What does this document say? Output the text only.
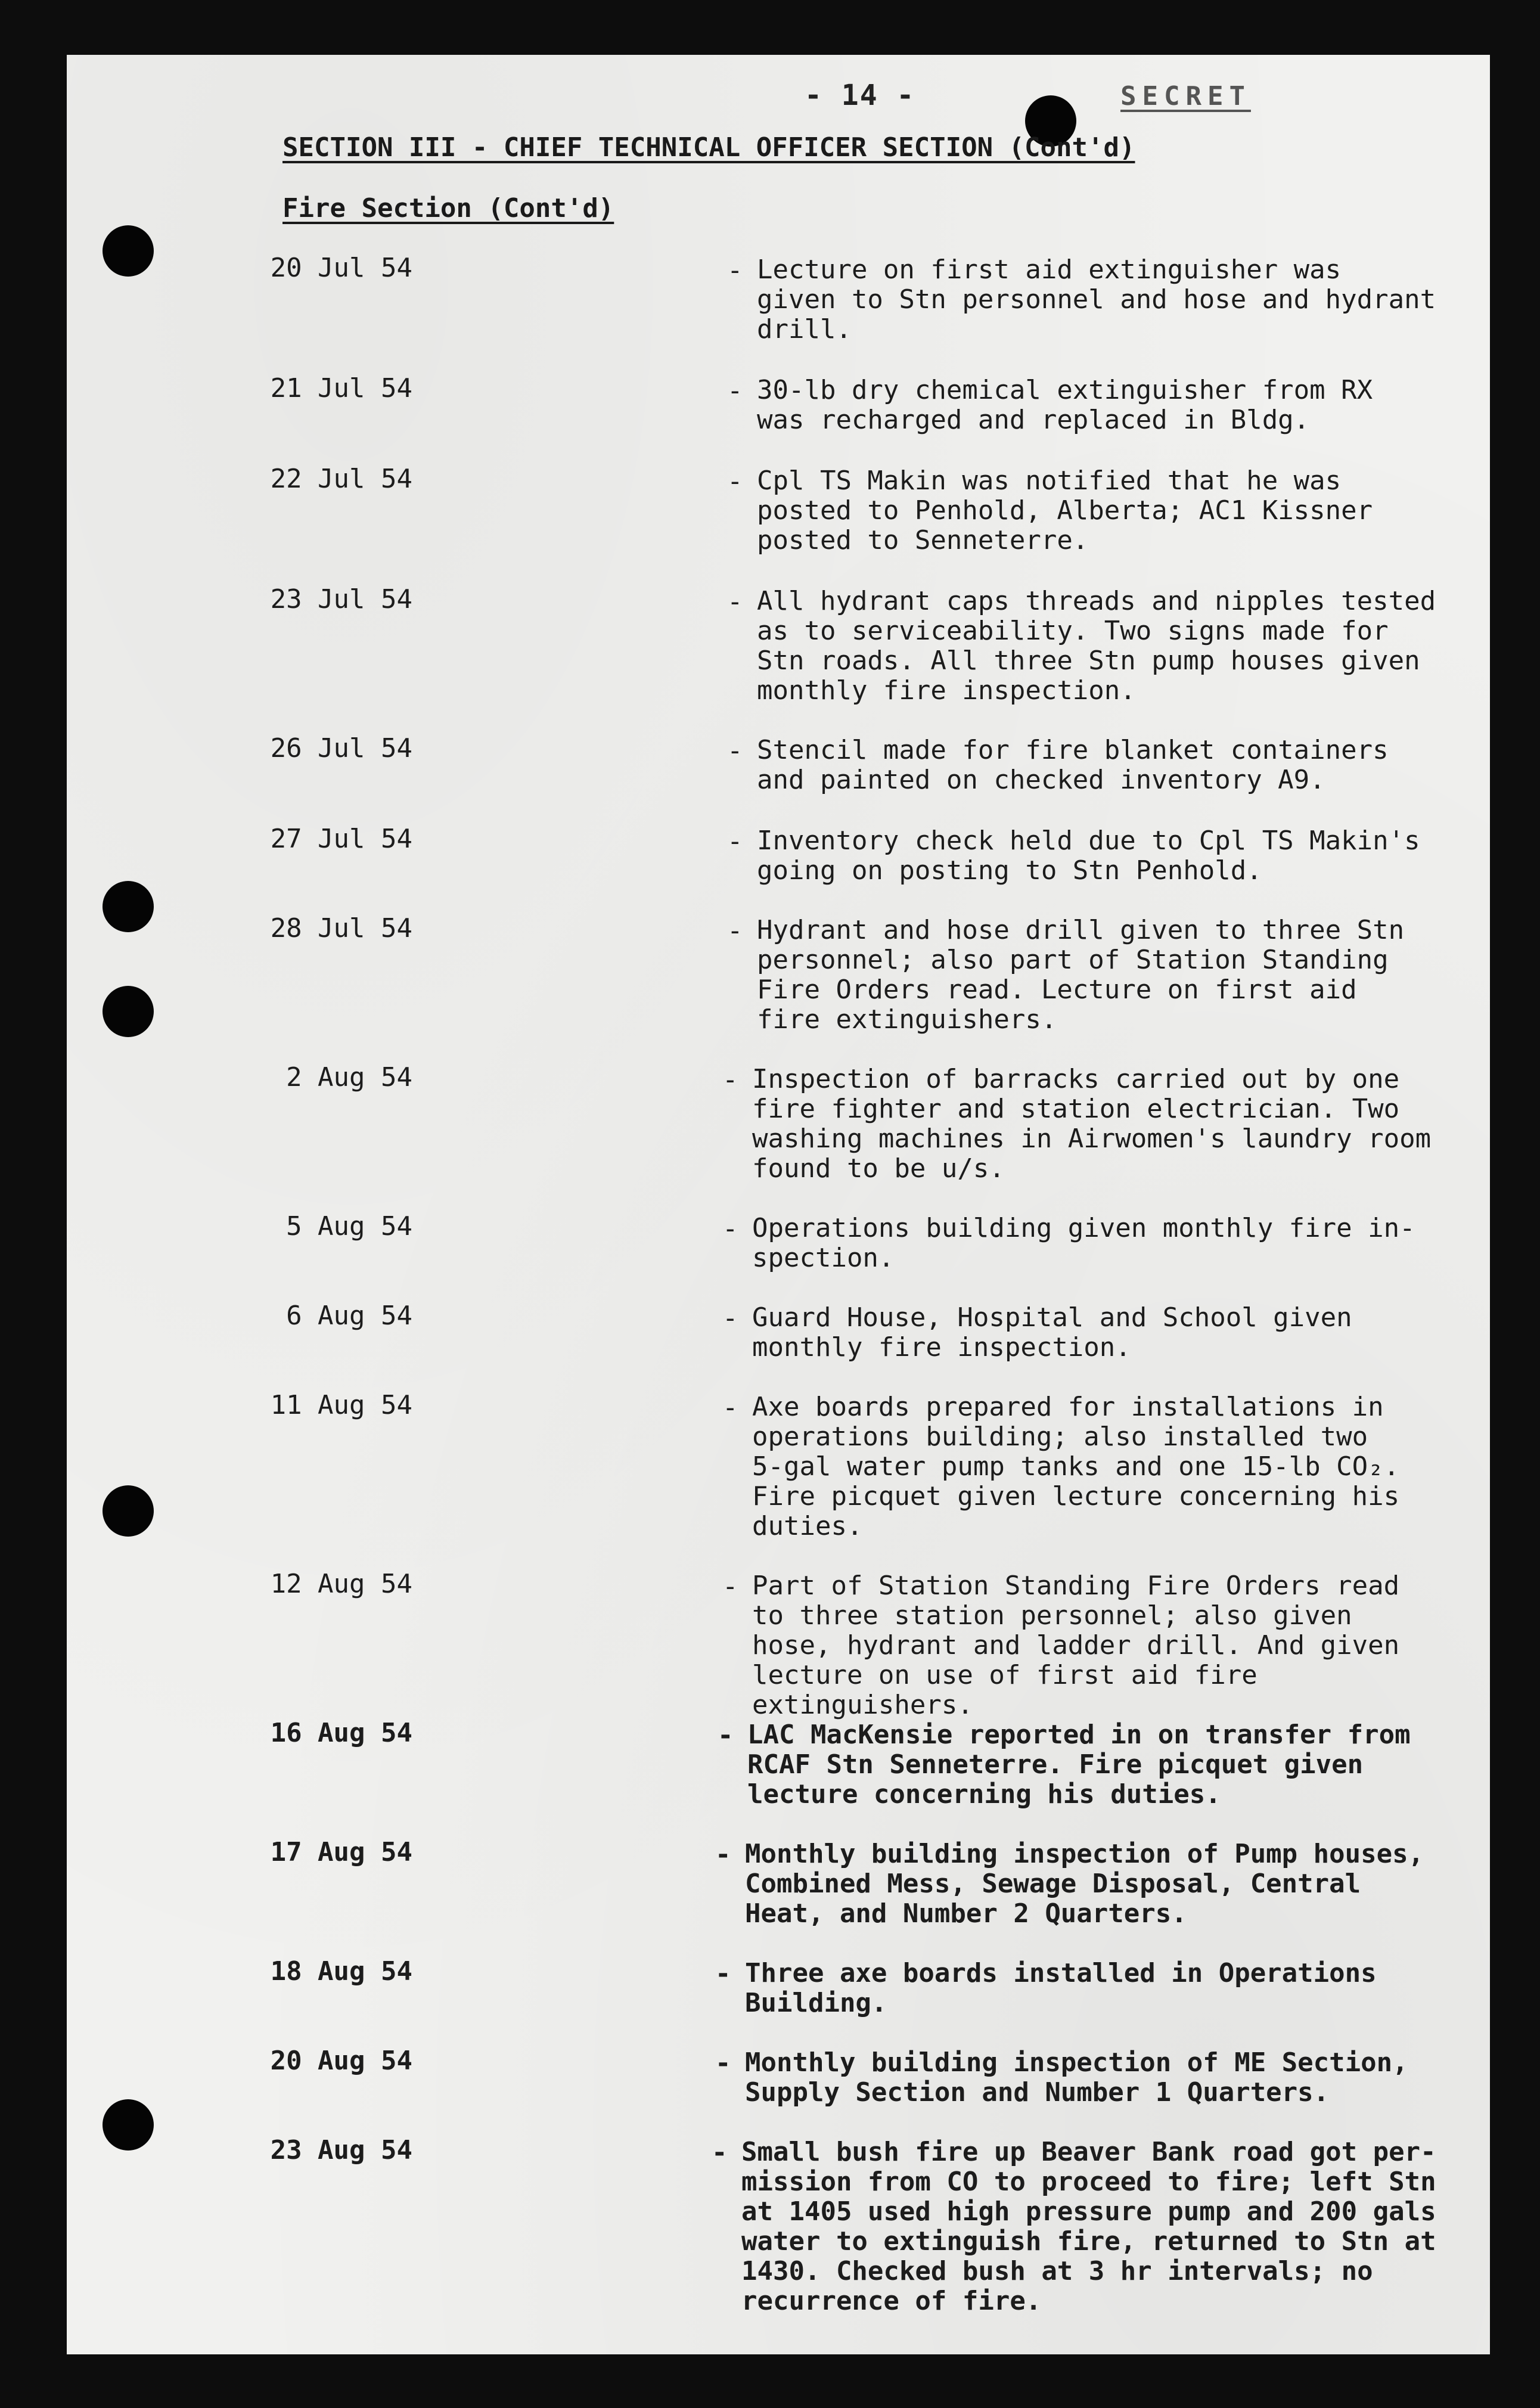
- 14 -	SECRET
SECTION III - CHIEF TECHNICAL OFFICER SECTION (Cont'd)
Fire Section (Cont'd)
20 Jul 54	- Lecture on first aid extinguisher was
given to Stn personnel and hose and hydrant
drill.
21 Jul 54	- 30-lb dry chemical extinguisher from RX
was recharged and replaced in Bldg.
22 Jul 54	- Cpl TS Makin was notified that he was
posted to Penhold, Alberta; AC1 Kissner
posted to Senneterre.
23 Jul 54	- All hydrant caps threads and nipples tested
as to serviceability. Two signs made for
Stn roads. All three Stn pump houses given
monthly fire inspection.
26 Jul 54	- Stencil made for fire blanket containers
and painted on checked inventory A9.
27 Jul 54	- Inventory check held due to Cpl TS Makin's
going on posting to Stn Penhold.
28 Jul 54	- Hydrant and hose drill given to three Stn
personnel; also part of Station Standing
Fire Orders read. Lecture on first aid
fire extinguishers.
2 Aug 54	- Inspection of barracks carried out by one
fire fighter and station electrician. Two
washing machines in Airwomen's laundry room
found to be u/s.
5 Aug 54	- Operations building given monthly fire in-
spection.
6 Aug 54	- Guard House, Hospital and School given
monthly fire inspection.
11 Aug 54	- Axe boards prepared for installations in
operations building; also installed two
5-gal water pump tanks and one 15-lb CO₂.
Fire picquet given lecture concerning his
duties.
12 Aug 54	- Part of Station Standing Fire Orders read
to three station personnel; also given
hose, hydrant and ladder drill. And given
lecture on use of first aid fire extinguishers.
16 Aug 54	- LAC MacKensie reported in on transfer from
RCAF Stn Senneterre. Fire picquet given
lecture concerning his duties.
17 Aug 54	- Monthly building inspection of Pump houses,
Combined Mess, Sewage Disposal, Central
Heat, and Number 2 Quarters.
18 Aug 54	- Three axe boards installed in Operations
Building.
20 Aug 54	- Monthly building inspection of ME Section,
Supply Section and Number 1 Quarters.
23 Aug 54	- Small bush fire up Beaver Bank road got per-
mission from CO to proceed to fire; left Stn
at 1405 used high pressure pump and 200 gals
water to extinguish fire, returned to Stn at
1430. Checked bush at 3 hr intervals; no
recurrence of fire.
